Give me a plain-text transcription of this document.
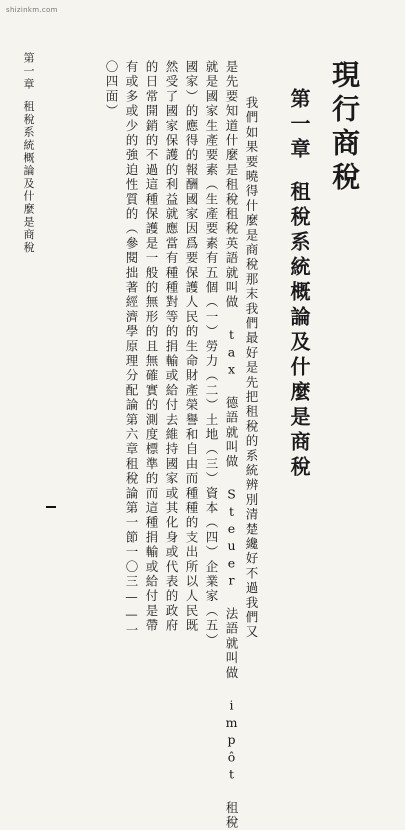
shizinkm.com
現行商稅
第一章租稅系統概論及什麼是商稅
我們如果要曉得什麼是商稅那末我們最好是先把租稅的系統辨別清楚纔好不過我們又
是先要知道什麼是租稅租稅英語就叫做 tax 德語就叫做 Steuer 法語就叫做 impôt 租稅
就是國家生產要素（生產要素有五個（一）勞力（二）土地（三）資本（四）企業家（五）
國家）的應得的報酬國家因爲要保護人民的生命財產榮譽和自由而種種的支出所以人民既
然受了國家保護的利益就應當有種種對等的捐輸或給付去維持國家或其化身或代表的政府
的日常開銷的不過這種保護是一般的無形的且無確實的測度標準的而這種捐輸或給付是帶
有或多或少的強迫性質的（參閱拙著經濟學原理分配論第六章租稅論第一節一〇三——一
〇四面）
第一章租稅系統概論及什麼是商稅
